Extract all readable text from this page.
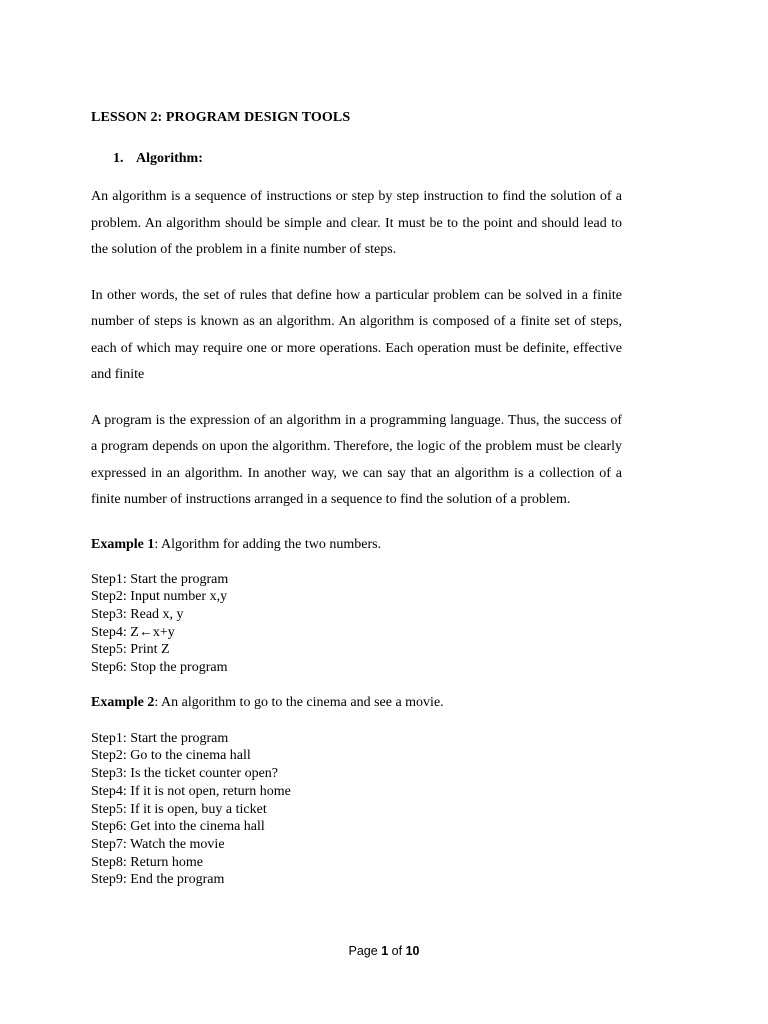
LESSON 2: PROGRAM DESIGN TOOLS
1. Algorithm:

An algorithm is a sequence of instructions or step by step instruction to find the solution of a problem. An algorithm should be simple and clear. It must be to the point and should lead to the solution of the problem in a finite number of steps.

In other words, the set of rules that define how a particular problem can be solved in a finite number of steps is known as an algorithm. An algorithm is composed of a finite set of steps, each of which may require one or more operations. Each operation must be definite, effective and finite

A program is the expression of an algorithm in a programming language. Thus, the success of a program depends on upon the algorithm. Therefore, the logic of the problem must be clearly expressed in an algorithm. In another way, we can say that an algorithm is a collection of a finite number of instructions arranged in a sequence to find the solution of a problem.

Example 1: Algorithm for adding the two numbers.

Step1: Start the program
Step2: Input number x,y
Step3: Read x, y
Step4: Z←x+y
Step5: Print Z
Step6: Stop the program

Example 2: An algorithm to go to the cinema and see a movie.

Step1: Start the program
Step2: Go to the cinema hall
Step3: Is the ticket counter open?
Step4: If it is not open, return home
Step5: If it is open, buy a ticket
Step6: Get into the cinema hall
Step7: Watch the movie
Step8: Return home
Step9: End the program
Page 1 of 10
